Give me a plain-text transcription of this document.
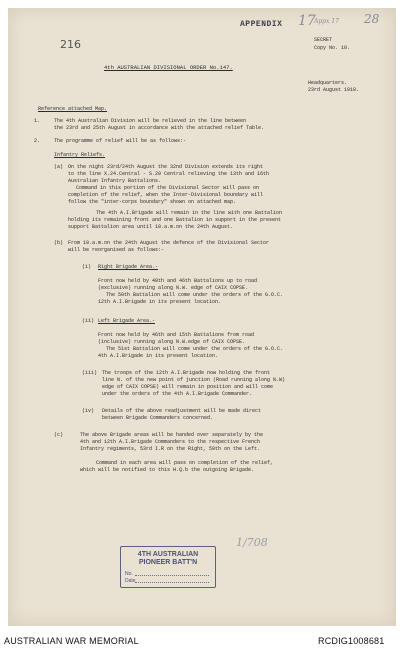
APPENDIX 17
Appx 17 28
216	SECRET
Copy No. 10.
4th AUSTRALIAN DIVISIONAL ORDER No.147.
Headquarters.
23rd August 1918.
Reference attached Map.
1.	The 4th Australian Division will be relieved in the line between
the 23rd and 25th August in accordance with the attached relief Table.
2.	The programme of relief will be as follows:-
Infantry Reliefs.
(a) On the night 23rd/24th August the 32nd Division extends its right
to the line X.24.Central - S.20 Central relieving the 13th and 16th
Australian Infantry Battalions.
Command in this portion of the Divisional Sector will pass on
completion of the relief, when the Inter-Divisional boundary will
follow the "inter-corps boundary" shown on attached map.
The 4th A.I.Brigade will remain in the line with one Battalion
holding its remaining front and one Battalion in support in the present
support Battalion area until 10.a.m.on the 24th August.
(b) From 10.a.m.on the 24th August the defence of the Divisional Sector
will be reorganised as follows:-
(i) Right Brigade Area.-
Front now held by 48th and 46th Battalions up to road
(exclusive) running along N.W. edge of CAIX COPSE.
The 50th Battalion will come under the orders of the G.O.C.
12th A.I.Brigade in its present location.
(ii) Left Brigade Area.-
Front now held by 46th and 15th Battalions from road
(inclusive) running along N.W.edge of CAIX COPSE.
The 51st Battalion will come under the orders of the G.O.C.
4th A.I.Brigade in its present location.
(iii) The troops of the 12th A.I.Brigade now holding the front
line N. of the new point of junction (Road running along N.W)
edge of CAIX COPSE) will remain in position and will come
under the orders of the 4th A.I.Brigade Commander.
(iv) Details of the above readjustment will be made direct
between Brigade Commanders concerned.
(c)	The above Brigade areas will be handed over separately by the
4th and 12th A.I.Brigade Commanders to the respective French
Infantry regiments, 53rd I.R on the Right, 59th on the Left.
Command in each area will pass on completion of the relief,
which will be notified to this H.Q.b the outgoing Brigade.
1/708
4TH AUSTRALIAN
PIONEER BATT'N
No.
Date
AUSTRALIAN WAR MEMORIAL	RCDIG1008681
